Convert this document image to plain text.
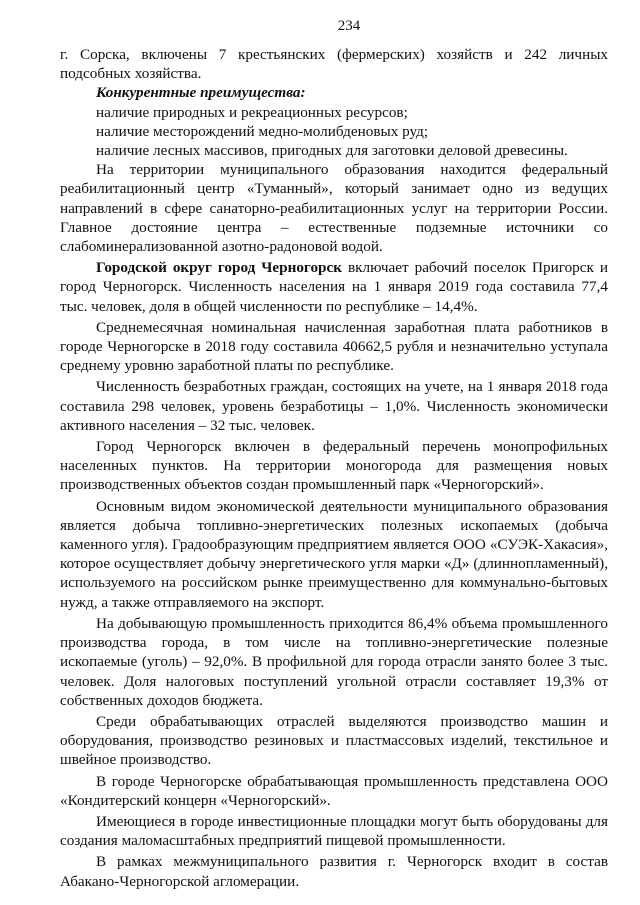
234

г. Сорска, включены 7 крестьянских (фермерских) хозяйств и 242 личных подсобных хозяйства.

Конкурентные преимущества:

наличие природных и рекреационных ресурсов;

наличие месторождений медно-молибденовых руд;

наличие лесных массивов, пригодных для заготовки деловой древесины.

На территории муниципального образования находится федеральный реабилитационный центр «Туманный», который занимает одно из ведущих направлений в сфере санаторно-реабилитационных услуг на территории России. Главное достояние центра – естественные подземные источники со слабоминерализованной азотно-радоновой водой.

Городской округ город Черногорск включает рабочий поселок Пригорск и город Черногорск. Численность населения на 1 января 2019 года составила 77,4 тыс. человек, доля в общей численности по республике – 14,4%.

Среднемесячная номинальная начисленная заработная плата работников в городе Черногорске в 2018 году составила 40662,5 рубля и незначительно уступала среднему уровню заработной платы по республике.

Численность безработных граждан, состоящих на учете, на 1 января 2018 года составила 298 человек, уровень безработицы – 1,0%. Численность экономически активного населения – 32 тыс. человек.

Город Черногорск включен в федеральный перечень монопрофильных населенных пунктов. На территории моногорода для размещения новых производственных объектов создан промышленный парк «Черногорский».

Основным видом экономической деятельности муниципального образования является добыча топливно-энергетических полезных ископаемых (добыча каменного угля). Градообразующим предприятием является ООО «СУЭК-Хакасия», которое осуществляет добычу энергетического угля марки «Д» (длиннопламенный), используемого на российском рынке преимущественно для коммунально-бытовых нужд, а также отправляемого на экспорт.

На добывающую промышленность приходится 86,4% объема промышленного производства города, в том числе на топливно-энергетические полезные ископаемые (уголь) – 92,0%. В профильной для города отрасли занято более 3 тыс. человек. Доля налоговых поступлений угольной отрасли составляет 19,3% от собственных доходов бюджета.

Среди обрабатывающих отраслей выделяются производство машин и оборудования, производство резиновых и пластмассовых изделий, текстильное и швейное производство.

В городе Черногорске обрабатывающая промышленность представлена ООО «Кондитерский концерн «Черногорский».

Имеющиеся в городе инвестиционные площадки могут быть оборудованы для создания маломасштабных предприятий пищевой промышленности.

В рамках межмуниципального развития г. Черногорск входит в состав Абакано-Черногорской агломерации.
